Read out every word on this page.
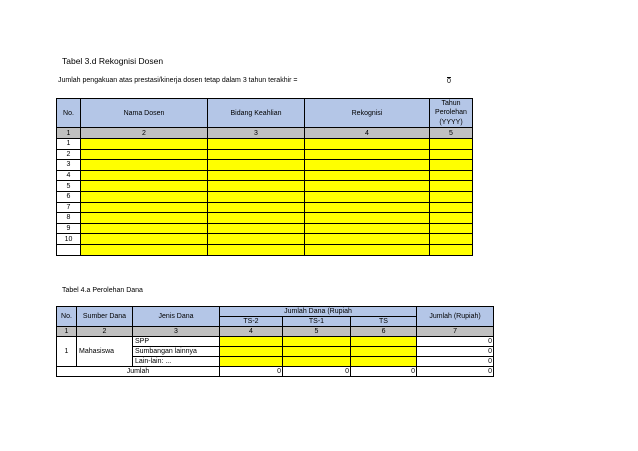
Tabel 3.d Rekognisi Dosen
Jumlah pengakuan atas prestasi/kinerja dosen tetap dalam 3 tahun terakhir =	0
No.	Nama Dosen	Bidang Keahlian	Rekognisi	Tahun Perolehan (YYYY)
1	2	3	4	5
1				
2				
3				
4				
5				
6				
7				
8				
9				
10				

Tabel 4.a Perolehan Dana
No.	Sumber Dana	Jenis Dana	Jumlah Dana (Rupiah			Jumlah (Rupiah)
			TS-2	TS-1	TS	
1	2	3	4	5	6	7
1	Mahasiswa	SPP				0
		Sumbangan lainnya				0
		Lain-lain: ...				0
Jumlah			0	0	0	0
